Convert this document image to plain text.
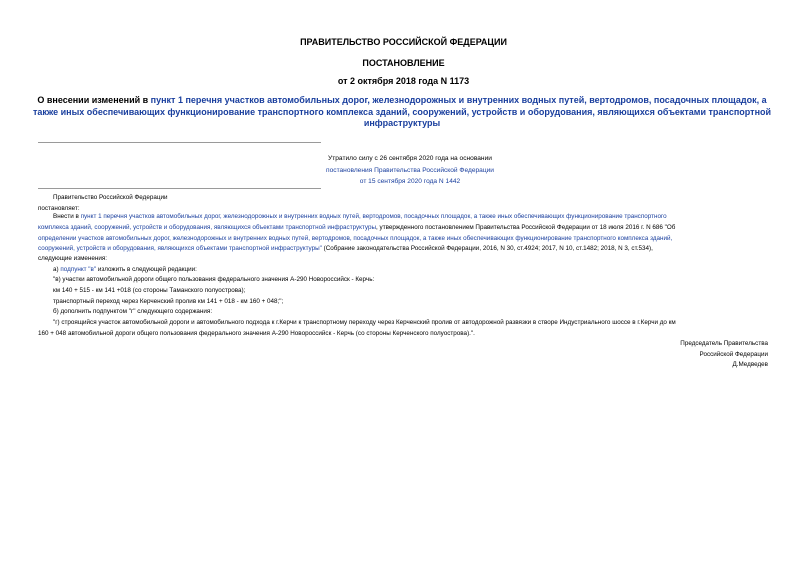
ПРАВИТЕЛЬСТВО РОССИЙСКОЙ ФЕДЕРАЦИИ
ПОСТАНОВЛЕНИЕ
от 2 октября 2018 года N 1173
О внесении изменений в пункт 1 перечня участков автомобильных дорог, железнодорожных и внутренних водных путей, вертодромов, посадочных площадок, а также иных обеспечивающих функционирование транспортного комплекса зданий, сооружений, устройств и оборудования, являющихся объектами транспортной инфраструктуры
Утратило силу с 26 сентября 2020 года на основании
постановления Правительства Российской Федерации
от 15 сентября 2020 года N 1442
Правительство Российской Федерации
постановляет:
Внести в пункт 1 перечня участков автомобильных дорог, железнодорожных и внутренних водных путей, вертодромов, посадочных площадок, а также иных обеспечивающих функционирование транспортного
комплекса зданий, сооружений, устройств и оборудования, являющихся объектами транспортной инфраструктуры, утвержденного постановлением Правительства Российской Федерации от 18 июля 2016 г. N 686 "Об
определении участков автомобильных дорог, железнодорожных и внутренних водных путей, вертодромов, посадочных площадок, а также иных обеспечивающих функционирование транспортного комплекса зданий,
сооружений, устройств и оборудования, являющихся объектами транспортной инфраструктуры" (Собрание законодательства Российской Федерации, 2016, N 30, ст.4924; 2017, N 10, ст.1482; 2018, N 3, ст.534),
следующие изменения:
а) подпункт "в" изложить в следующей редакции:
"в) участки автомобильной дороги общего пользования федерального значения А-290 Новороссийск - Керчь:
км 140 + 515 - км 141 +018 (со стороны Таманского полуострова);
транспортный переход через Керченский пролив км 141 + 018 - км 160 + 048;";
б) дополнить подпунктом "г" следующего содержания:
"г) строящийся участок автомобильной дороги и автомобильного подхода к г.Керчи к транспортному переходу через Керченский пролив от автодорожной развязки в створе Индустриального шоссе в г.Керчи до км
160 + 048 автомобильной дороги общего пользования федерального значения А-290 Новороссийск - Керчь (со стороны Керченского полуострова).".
Председатель Правительства
Российской Федерации
Д.Медведев
